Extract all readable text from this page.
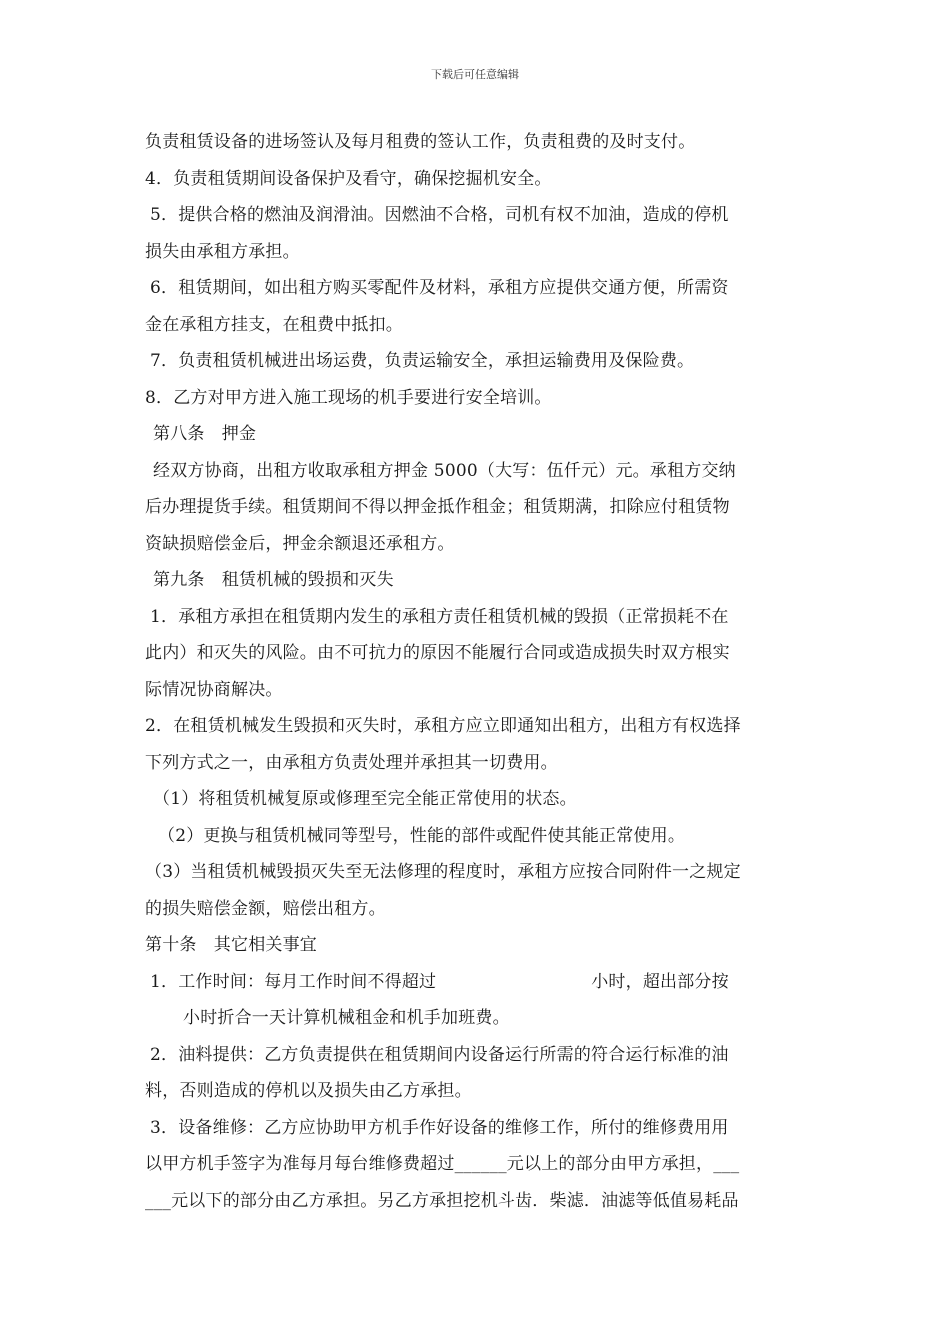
下载后可任意编辑
负责租赁设备的进场签认及每月租费的签认工作，负责租费的及时支付。
4．负责租赁期间设备保护及看守，确保挖掘机安全。
5．提供合格的燃油及润滑油。因燃油不合格，司机有权不加油，造成的停机
损失由承租方承担。
6．租赁期间，如出租方购买零配件及材料，承租方应提供交通方便，所需资
金在承租方挂支，在租费中抵扣。
7．负责租赁机械进出场运费，负责运输安全，承担运输费用及保险费。
8．乙方对甲方进入施工现场的机手要进行安全培训。
第八条　押金
经双方协商，出租方收取承租方押金 5000（大写：伍仟元）元。承租方交纳
后办理提货手续。租赁期间不得以押金抵作租金；租赁期满，扣除应付租赁物
资缺损赔偿金后，押金余额退还承租方。
第九条　租赁机械的毁损和灭失
1．承租方承担在租赁期内发生的承租方责任租赁机械的毁损（正常损耗不在
此内）和灭失的风险。由不可抗力的原因不能履行合同或造成损失时双方根实
际情况协商解决。
2．在租赁机械发生毁损和灭失时，承租方应立即通知出租方，出租方有权选择
下列方式之一，由承租方负责处理并承担其一切费用。
（1）将租赁机械复原或修理至完全能正常使用的状态。
（2）更换与租赁机械同等型号，性能的部件或配件使其能正常使用。
（3）当租赁机械毁损灭失至无法修理的程度时，承租方应按合同附件一之规定
的损失赔偿金额，赔偿出租方。
第十条　其它相关事宜
1．工作时间：每月工作时间不得超过	小时，超出部分按
小时折合一天计算机械租金和机手加班费。
2．油料提供：乙方负责提供在租赁期间内设备运行所需的符合运行标准的油
料，否则造成的停机以及损失由乙方承担。
3．设备维修：乙方应协助甲方机手作好设备的维修工作，所付的维修费用用
以甲方机手签字为准每月每台维修费超过______元以上的部分由甲方承担，___
___元以下的部分由乙方承担。另乙方承担挖机斗齿．柴滤．油滤等低值易耗品
